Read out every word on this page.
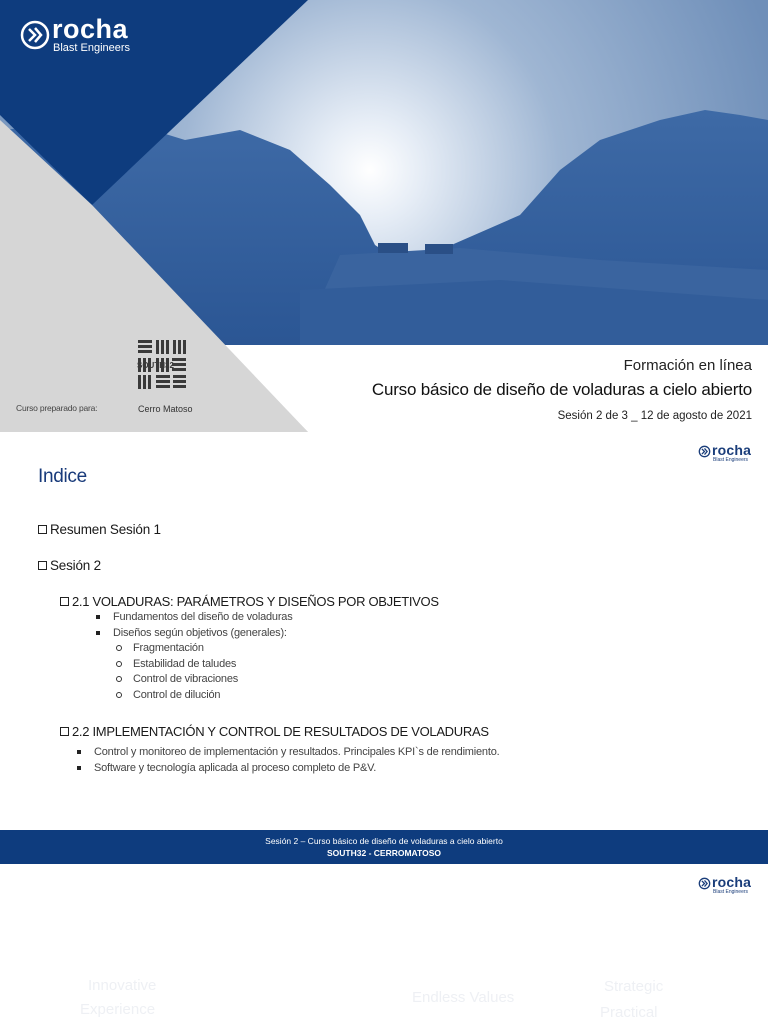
rocha
Blast Engineers
SOUTH32
Curso preparado para:	Cerro Matoso
Formación en línea
Curso básico de diseño de voladuras a cielo abierto
Sesión 2 de 3 _ 12 de agosto de 2021
rocha
Blast Engineers
Indice
Resumen Sesión 1
Sesión 2
2.1 VOLADURAS: PARÁMETROS Y DISEÑOS POR OBJETIVOS
Fundamentos del diseño de voladuras
Diseños según objetivos (generales):
Fragmentación
Estabilidad de taludes
Control de vibraciones
Control de dilución
2.2 IMPLEMENTACIÓN Y CONTROL DE RESULTADOS DE VOLADURAS
Control y monitoreo de implementación y resultados. Principales KPI`s de rendimiento.
Software y tecnología aplicada al proceso completo de P&V.
Sesión 2 – Curso básico de diseño de voladuras a cielo abierto
SOUTH32 - CERROMATOSO
rocha
Blast Engineers
Innovative
Experience
Endless Values
Strategic
Practical
